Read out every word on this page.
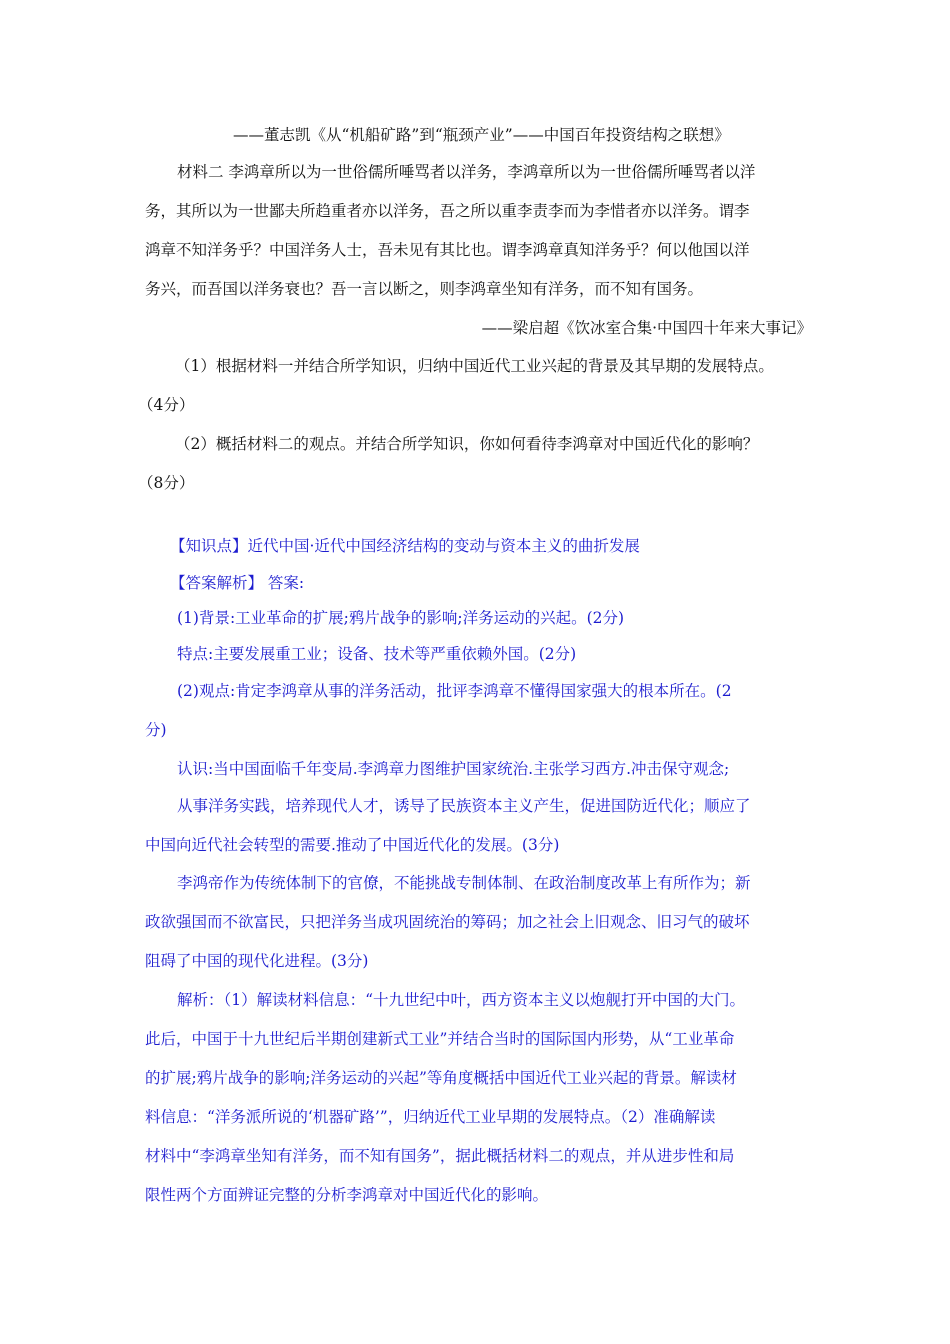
——董志凯《从“机船矿路”到“瓶颈产业”——中国百年投资结构之联想》
材料二 李鸿章所以为一世俗儒所唾骂者以洋务，李鸿章所以为一世俗儒所唾骂者以洋
务，其所以为一世鄙夫所趋重者亦以洋务，吾之所以重李责李而为李惜者亦以洋务。谓李
鸿章不知洋务乎？中国洋务人士，吾未见有其比也。谓李鸿章真知洋务乎？何以他国以洋
务兴，而吾国以洋务衰也？吾一言以断之，则李鸿章坐知有洋务，而不知有国务。
——梁启超《饮冰室合集·中国四十年来大事记》
（1）根据材料一并结合所学知识，归纳中国近代工业兴起的背景及其早期的发展特点。
（4分）
（2）概括材料二的观点。并结合所学知识，你如何看待李鸿章对中国近代化的影响？
（8分）
【知识点】近代中国·近代中国经济结构的变动与资本主义的曲折发展
【答案解析】 答案:
(1)背景:工业革命的扩展;鸦片战争的影响;洋务运动的兴起。(2分)
特点:主要发展重工业；设备、技术等严重依赖外国。(2分)
(2)观点:肯定李鸿章从事的洋务活动，批评李鸿章不懂得国家强大的根本所在。(2
分)
认识:当中国面临千年变局.李鸿章力图维护国家统治.主张学习西方.冲击保守观念;
从事洋务实践，培养现代人才，诱导了民族资本主义产生，促进国防近代化；顺应了
中国向近代社会转型的需要.推动了中国近代化的发展。(3分)
李鸿帝作为传统体制下的官僚，不能挑战专制体制、在政治制度改革上有所作为；新
政欲强国而不欲富民，只把洋务当成巩固统治的筹码；加之社会上旧观念、旧习气的破坏
阻碍了中国的现代化进程。(3分)
解析：（1）解读材料信息：“十九世纪中叶，西方资本主义以炮舰打开中国的大门。
此后，中国于十九世纪后半期创建新式工业”并结合当时的国际国内形势，从“工业革命
的扩展;鸦片战争的影响;洋务运动的兴起”等角度概括中国近代工业兴起的背景。解读材
料信息：“洋务派所说的‘机器矿路’”，归纳近代工业早期的发展特点。（2）准确解读
材料中“李鸿章坐知有洋务，而不知有国务”，据此概括材料二的观点，并从进步性和局
限性两个方面辨证完整的分析李鸿章对中国近代化的影响。
